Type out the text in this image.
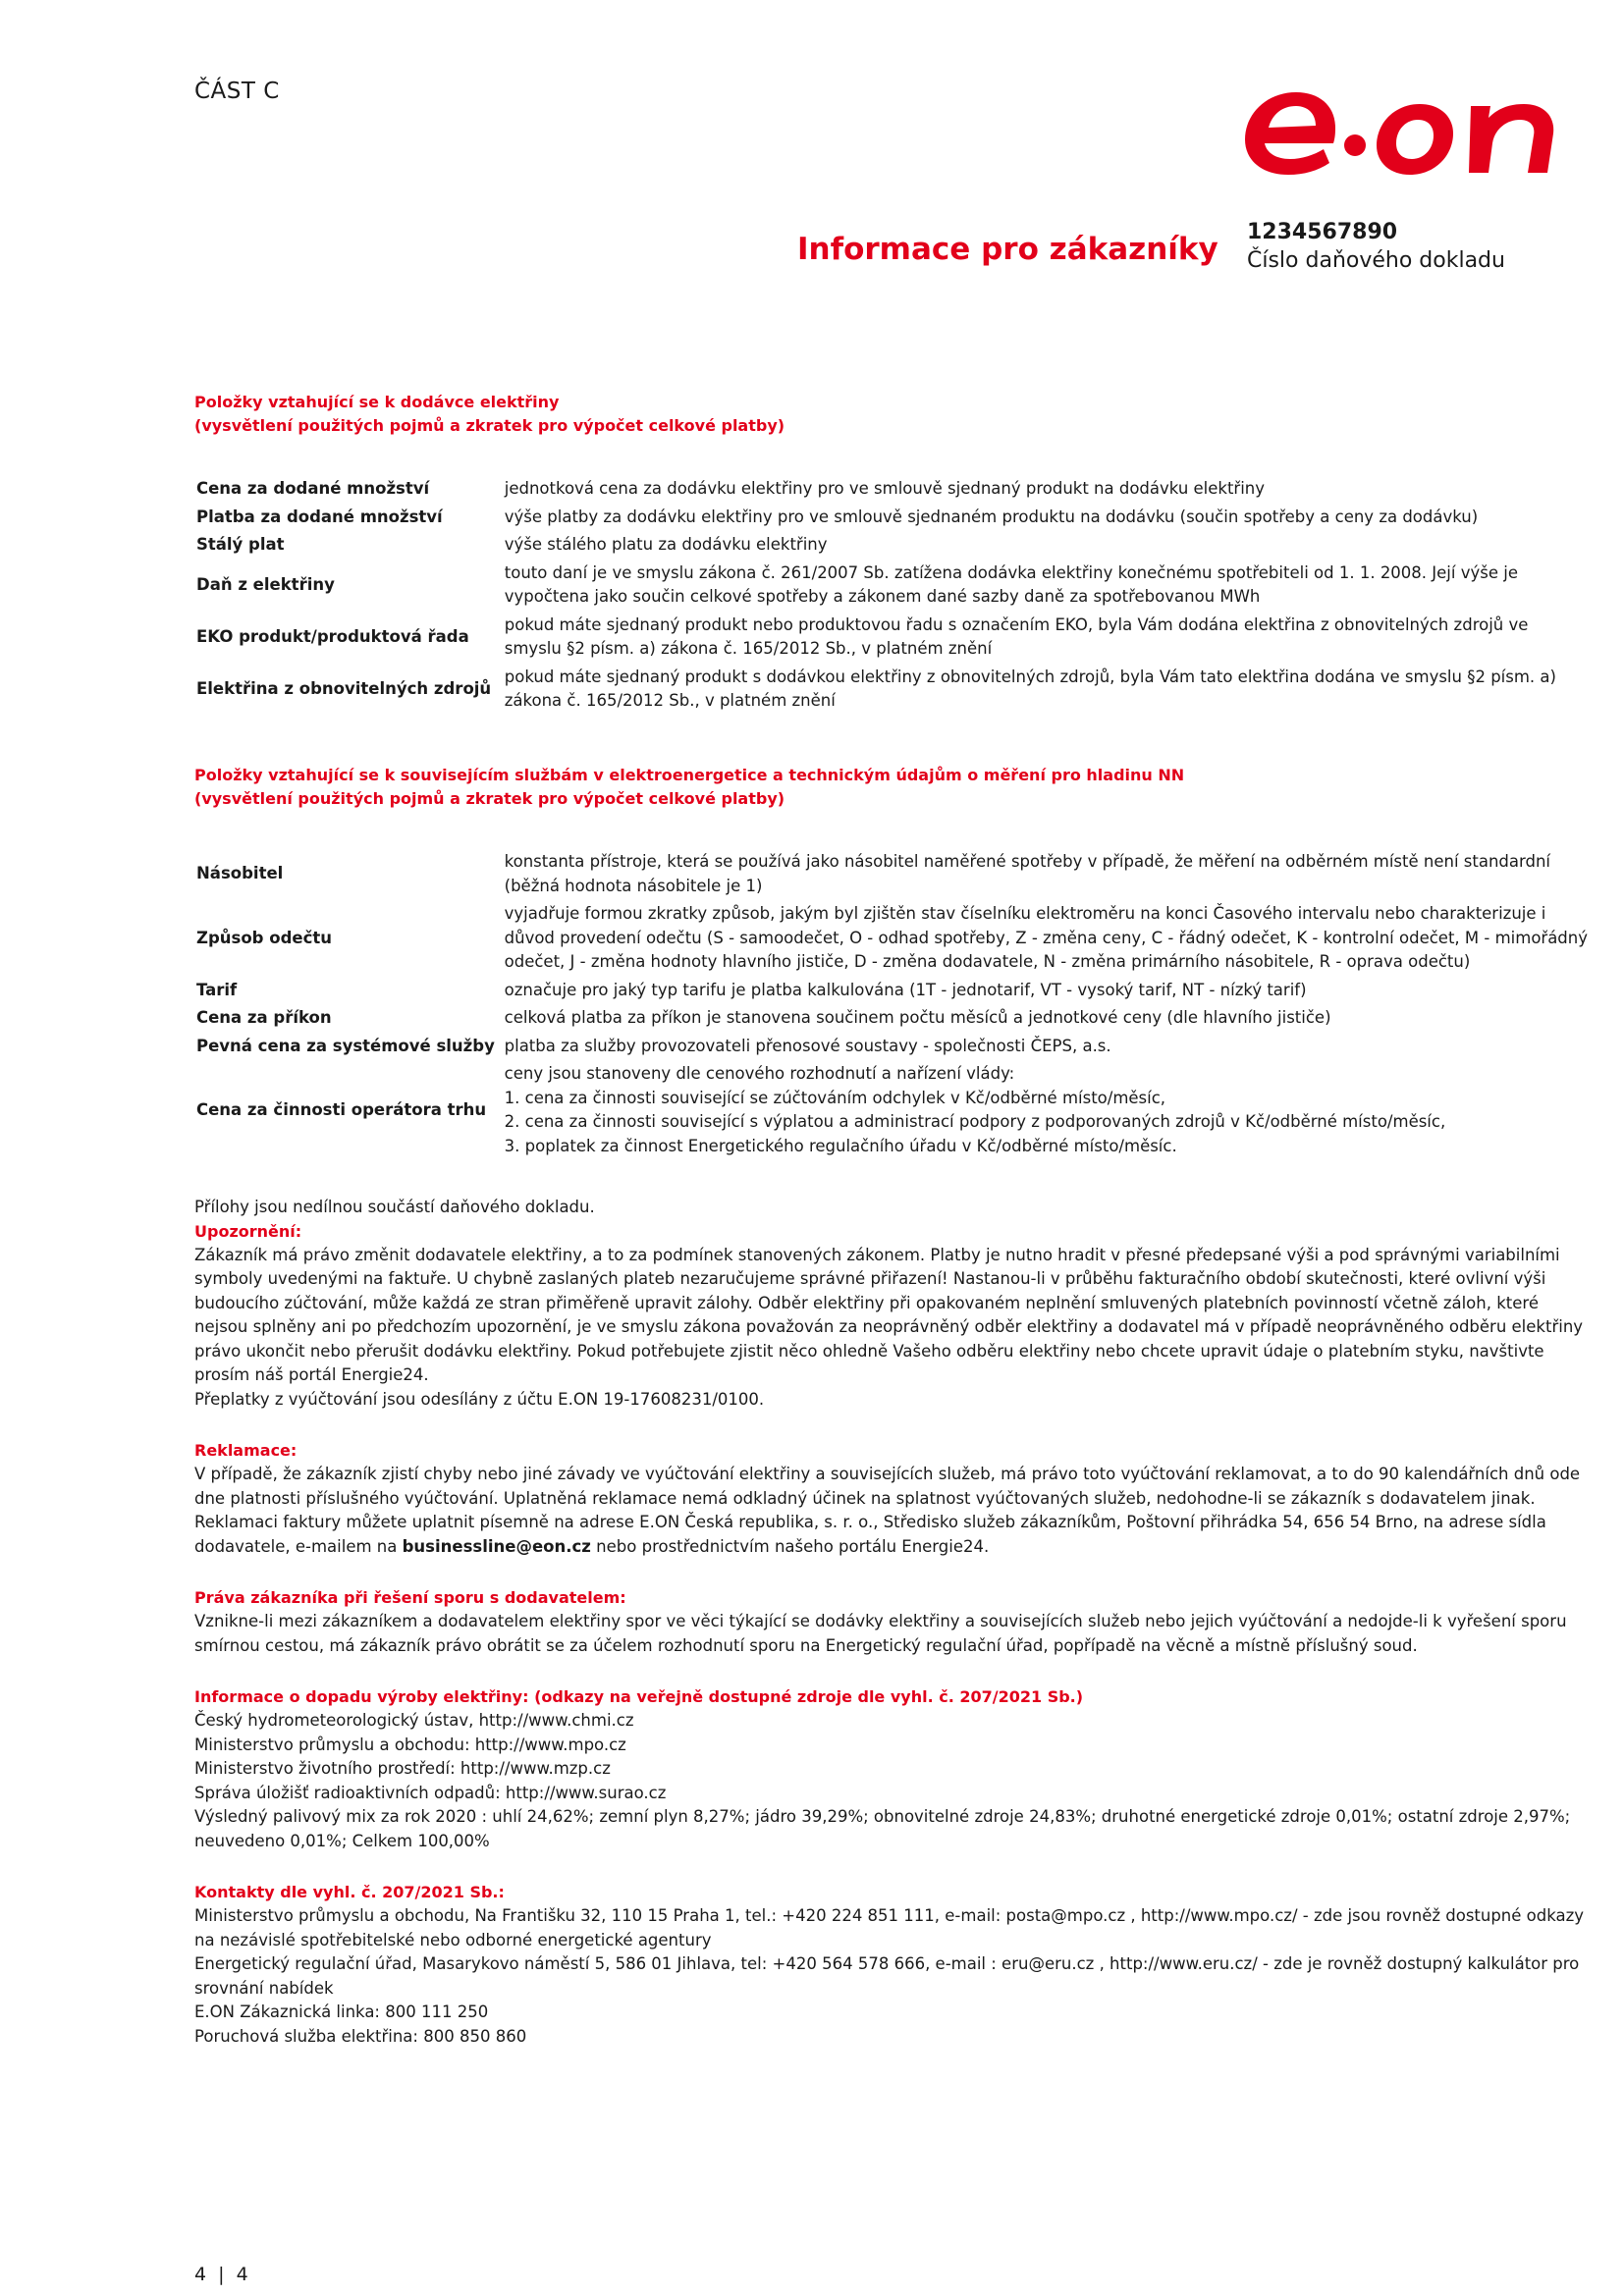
ČÁST C
Informace pro zákazníky 1234567890
Číslo daňového dokladu
Položky vztahující se k dodávce elektřiny
(vysvětlení použitých pojmů a zkratek pro výpočet celkové platby)
Cena za dodané množství	jednotková cena za dodávku elektřiny pro ve smlouvě sjednaný produkt na dodávku elektřiny
Platba za dodané množství	výše platby za dodávku elektřiny pro ve smlouvě sjednaném produktu na dodávku (součin spotřeby a ceny za dodávku)
Stálý plat	výše stálého platu za dodávku elektřiny
Daň z elektřiny	touto daní je ve smyslu zákona č. 261/2007 Sb. zatížena dodávka elektřiny konečnému spotřebiteli od 1. 1. 2008. Její výše je vypočtena jako součin celkové spotřeby a zákonem dané sazby daně za spotřebovanou MWh
EKO produkt/produktová řada	pokud máte sjednaný produkt nebo produktovou řadu s označením EKO, byla Vám dodána elektřina z obnovitelných zdrojů ve smyslu §2 písm. a) zákona č. 165/2012 Sb., v platném znění
Elektřina z obnovitelných zdrojů	pokud máte sjednaný produkt s dodávkou elektřiny z obnovitelných zdrojů, byla Vám tato elektřina dodána ve smyslu §2 písm. a) zákona č. 165/2012 Sb., v platném znění
Položky vztahující se k souvisejícím službám v elektroenergetice a technickým údajům o měření pro hladinu NN
(vysvětlení použitých pojmů a zkratek pro výpočet celkové platby)
Násobitel	konstanta přístroje, která se používá jako násobitel naměřené spotřeby v případě, že měření na odběrném místě není standardní (běžná hodnota násobitele je 1)
Způsob odečtu	vyjadřuje formou zkratky způsob, jakým byl zjištěn stav číselníku elektroměru na konci Časového intervalu nebo charakterizuje i důvod provedení odečtu (S - samoodečet, O - odhad spotřeby, Z - změna ceny, C - řádný odečet, K - kontrolní odečet, M - mimořádný odečet, J - změna hodnoty hlavního jističe, D - změna dodavatele, N - změna primárního násobitele, R - oprava odečtu)
Tarif	označuje pro jaký typ tarifu je platba kalkulována (1T - jednotarif, VT - vysoký tarif, NT - nízký tarif)
Cena za příkon	celková platba za příkon je stanovena součinem počtu měsíců a jednotkové ceny (dle hlavního jističe)
Pevná cena za systémové služby	platba za služby provozovateli přenosové soustavy - společnosti ČEPS, a.s.
Cena za činnosti operátora trhu	ceny jsou stanoveny dle cenového rozhodnutí a nařízení vlády:
1. cena za činnosti související se zúčtováním odchylek v Kč/odběrné místo/měsíc,
2. cena za činnosti související s výplatou a administrací podpory z podporovaných zdrojů v Kč/odběrné místo/měsíc,
3. poplatek za činnost Energetického regulačního úřadu v Kč/odběrné místo/měsíc.

Přílohy jsou nedílnou součástí daňového dokladu.

Upozornění:

Zákazník má právo změnit dodavatele elektřiny, a to za podmínek stanovených zákonem. Platby je nutno hradit v přesné předepsané výši a pod správnými variabilními symboly uvedenými na faktuře. U chybně zaslaných plateb nezaručujeme správné přiřazení! Nastanou-li v průběhu fakturačního období skutečnosti, které ovlivní výši budoucího zúčtování, může každá ze stran přiměřeně upravit zálohy. Odběr elektřiny při opakovaném neplnění smluvených platebních povinností včetně záloh, které nejsou splněny ani po předchozím upozornění, je ve smyslu zákona považován za neoprávněný odběr elektřiny a dodavatel má v případě neoprávněného odběru elektřiny právo ukončit nebo přerušit dodávku elektřiny. Pokud potřebujete zjistit něco ohledně Vašeho odběru elektřiny nebo chcete upravit údaje o platebním styku, navštivte prosím náš portál Energie24.

Přeplatky z vyúčtování jsou odesílány z účtu E.ON 19-17608231/0100.

Reklamace:

V případě, že zákazník zjistí chyby nebo jiné závady ve vyúčtování elektřiny a souvisejících služeb, má právo toto vyúčtování reklamovat, a to do 90 kalendářních dnů ode dne platnosti příslušného vyúčtování. Uplatněná reklamace nemá odkladný účinek na splatnost vyúčtovaných služeb, nedohodne-li se zákazník s dodavatelem jinak. Reklamaci faktury můžete uplatnit písemně na adrese E.ON Česká republika, s. r. o., Středisko služeb zákazníkům, Poštovní přihrádka 54, 656 54 Brno, na adrese sídla dodavatele, e-mailem na businessline@eon.cz nebo prostřednictvím našeho portálu Energie24.

Práva zákazníka při řešení sporu s dodavatelem:

Vznikne-li mezi zákazníkem a dodavatelem elektřiny spor ve věci týkající se dodávky elektřiny a souvisejících služeb nebo jejich vyúčtování a nedojde-li k vyřešení sporu smírnou cestou, má zákazník právo obrátit se za účelem rozhodnutí sporu na Energetický regulační úřad, popřípadě na věcně a místně příslušný soud.

Informace o dopadu výroby elektřiny: (odkazy na veřejně dostupné zdroje dle vyhl. č. 207/2021 Sb.)
Český hydrometeorologický ústav, http://www.chmi.cz
Ministerstvo průmyslu a obchodu: http://www.mpo.cz
Ministerstvo životního prostředí: http://www.mzp.cz
Správa úložišť radioaktivních odpadů: http://www.surao.cz
Výsledný palivový mix za rok 2020 : uhlí 24,62%; zemní plyn 8,27%; jádro 39,29%; obnovitelné zdroje 24,83%; druhotné energetické zdroje 0,01%; ostatní zdroje 2,97%; neuvedeno 0,01%; Celkem 100,00%
Kontakty dle vyhl. č. 207/2021 Sb.:
Ministerstvo průmyslu a obchodu, Na Františku 32, 110 15 Praha 1, tel.: +420 224 851 111, e-mail: posta@mpo.cz , http://www.mpo.cz/ - zde jsou rovněž dostupné odkazy na nezávislé spotřebitelské nebo odborné energetické agentury
Energetický regulační úřad, Masarykovo náměstí 5, 586 01 Jihlava, tel: +420 564 578 666, e-mail : eru@eru.cz , http://www.eru.cz/ - zde je rovněž dostupný kalkulátor pro srovnání nabídek
E.ON Zákaznická linka: 800 111 250
Poruchová služba elektřina: 800 850 860
4 | 4
